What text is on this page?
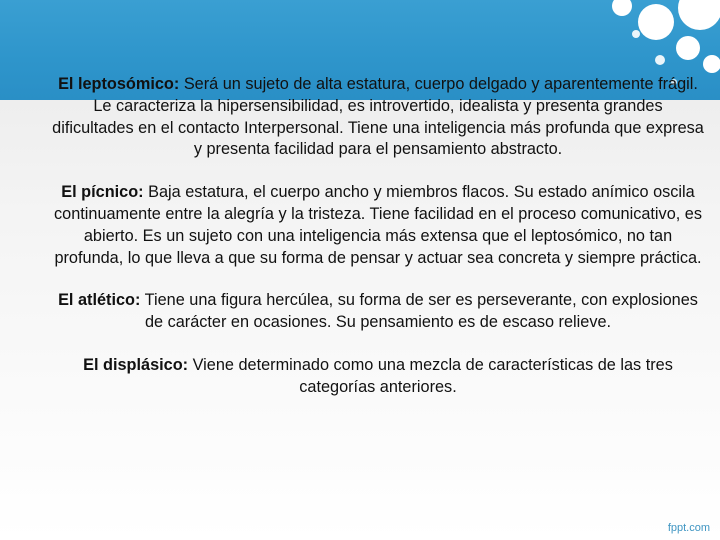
El leptosómico: Será un sujeto de alta estatura, cuerpo delgado y aparentemente frágil. Le caracteriza la hipersensibilidad, es introvertido, idealista y presenta grandes dificultades en el contacto Interpersonal. Tiene una inteligencia más profunda que expresa y presenta facilidad para el pensamiento abstracto.

El pícnico: Baja estatura, el cuerpo ancho y miembros flacos. Su estado anímico oscila continuamente entre la alegría y la tristeza. Tiene facilidad en el proceso comunicativo, es abierto. Es un sujeto con una inteligencia más extensa que el leptosómico, no tan profunda, lo que lleva a que su forma de pensar y actuar sea concreta y siempre práctica.

El atlético: Tiene una figura hercúlea, su forma de ser es perseverante, con explosiones de carácter en ocasiones. Su pensamiento es de escaso relieve.

El displásico: Viene determinado como una mezcla de características de las tres categorías anteriores.

fppt.com
